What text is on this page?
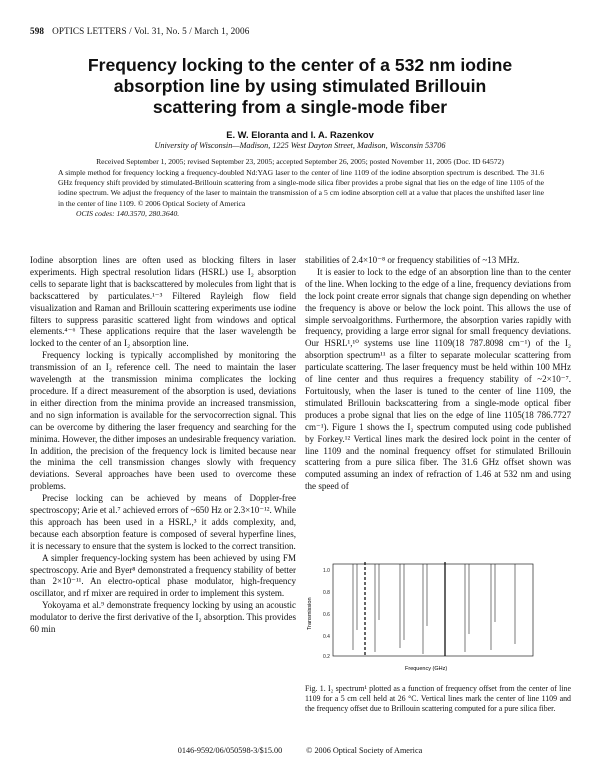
598 OPTICS LETTERS / Vol. 31, No. 5 / March 1, 2006
Frequency locking to the center of a 532 nm iodine
absorption line by using stimulated Brillouin
scattering from a single-mode fiber
E. W. Eloranta and I. A. Razenkov
University of Wisconsin—Madison, 1225 West Dayton Street, Madison, Wisconsin 53706
Received September 1, 2005; revised September 23, 2005; accepted September 26, 2005; posted November 11, 2005 (Doc. ID 64572)
A simple method for frequency locking a frequency-doubled Nd:YAG laser to the center of line 1109 of the iodine absorption spectrum is described. The 31.6 GHz frequency shift provided by stimulated-Brillouin scattering from a single-mode silica fiber provides a probe signal that lies on the edge of line 1105 of the iodine spectrum. We adjust the frequency of the laser to maintain the transmission of a 5 cm iodine absorption cell at a value that places the unshifted laser line in the center of line 1109. © 2006 Optical Society of America
OCIS codes: 140.3570, 280.3640.

Iodine absorption lines are often used as blocking filters in laser experiments. High spectral resolution lidars (HSRL) use I₂ absorption cells to separate light that is backscattered by molecules from light that is backscattered by particulates.¹⁻³ Filtered Rayleigh flow field visualization and Raman and Brillouin scattering experiments use iodine filters to suppress parasitic scattered light from windows and optical elements.⁴⁻⁶ These applications require that the laser wavelength be locked to the center of an I₂ absorption line.

Frequency locking is typically accomplished by monitoring the transmission of an I₂ reference cell. The need to maintain the laser wavelength at the transmission minima complicates the locking procedure. If a direct measurement of the absorption is used, deviations in either direction from the minima provide an increased transmission, and no sign information is available for the servocorrection signal. This can be overcome by dithering the laser frequency and searching for the minima. However, the dither imposes an undesirable frequency variation. In addition, the precision of the frequency lock is limited because near the minima the cell transmission changes slowly with frequency deviations. Several approaches have been used to overcome these problems.

Precise locking can be achieved by means of Doppler-free spectroscopy; Arie et al.⁷ achieved errors of ~650 Hz or 2.3×10⁻¹². While this approach has been used in a HSRL,³ it adds complexity, and, because each absorption feature is composed of several hyperfine lines, it is necessary to ensure that the system is locked to the correct transition.

A simpler frequency-locking system has been achieved by using FM spectroscopy. Arie and Byer⁸ demonstrated a frequency stability of better than 2×10⁻¹¹. An electro-optical phase modulator, high-frequency oscillator, and rf mixer are required in order to implement this system.

Yokoyama et al.⁹ demonstrate frequency locking by using an acoustic modulator to derive the first derivative of the I₂ absorption. This provides 60 min

stabilities of 2.4×10⁻⁸ or frequency stabilities of ~13 MHz.

It is easier to lock to the edge of an absorption line than to the center of the line. When locking to the edge of a line, frequency deviations from the lock point create error signals that change sign depending on whether the frequency is above or below the lock point. This allows the use of simple servoalgorithms. Furthermore, the absorption varies rapidly with frequency, providing a large error signal for small frequency deviations. Our HSRL¹,¹⁰ systems use line 1109(18 787.8098 cm⁻¹) of the I₂ absorption spectrum¹¹ as a filter to separate molecular scattering from particulate scattering. The laser frequency must be held within 100 MHz of line center and thus requires a frequency stability of ~2×10⁻⁷. Fortuitously, when the laser is tuned to the center of line 1109, the stimulated Brillouin backscattering from a single-mode optical fiber produces a probe signal that lies on the edge of line 1105(18 786.7727 cm⁻¹). Figure 1 shows the I₂ spectrum computed using code published by Forkey.¹² Vertical lines mark the desired lock point in the center of line 1109 and the nominal frequency offset for stimulated Brillouin scattering from a pure silica fiber. The 31.6 GHz offset shown was computed assuming an index of refraction of 1.46 at 532 nm and using the speed of

1.0
0.8
0.6
0.4
0.2
Transmission
Frequency (GHz)
Fig. 1. I₂ spectrum¹ plotted as a function of frequency offset from the center of line 1109 for a 5 cm cell held at 26 °C. Vertical lines mark the center of line 1109 and the frequency offset due to Brillouin scattering computed for a pure silica fiber.
0146-9592/06/050598-3/$15.00	© 2006 Optical Society of America
